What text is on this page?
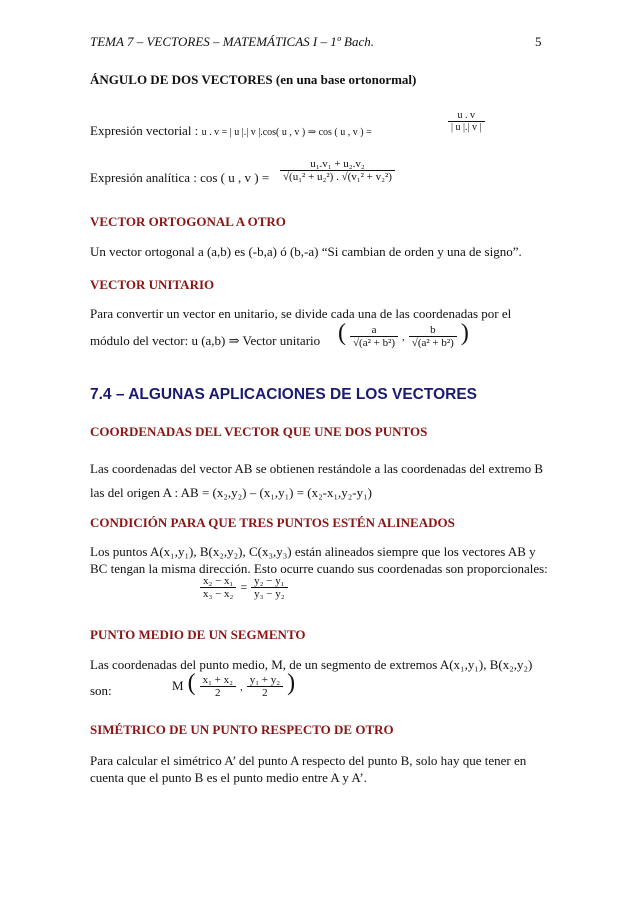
TEMA 7 – VECTORES – MATEMÁTICAS I – 1º Bach.	5
ÁNGULO DE DOS VECTORES (en una base ortonormal)
Expresión vectorial : u . v = | u |.| v |.cos( u , v ) ⇒ cos ( u , v ) =	$\frac{u . v}{| u |.| v |}$
Expresión analítica : cos ( u , v ) = $\frac{\text{u₁.v₁ + u₂.v₂}}{\text{√(u₁² + u₂²) . √(v₁² + v₂²)}}$
VECTOR ORTOGONAL A OTRO
Un vector ortogonal a (a,b) es (-b,a) ó (b,-a) “Si cambian de orden y una de signo”.
VECTOR UNITARIO
Para convertir un vector en unitario, se divide cada una de las coordenadas por el
módulo del vector: u (a,b) ⇒ Vector unitario ( $\frac{a}{\text{√(a² + b²)}}$ , $\frac{b}{\text{√(a² + b²)}}$ )
7.4 – ALGUNAS APLICACIONES DE LOS VECTORES
COORDENADAS DEL VECTOR QUE UNE DOS PUNTOS
Las coordenadas del vector AB se obtienen restándole a las coordenadas del extremo B
las del origen A : AB = (x₂,y₂) – (x₁,y₁) = (x₂-x₁,y₂-y₁)
CONDICIÓN PARA QUE TRES PUNTOS ESTÉN ALINEADOS
Los puntos A(x₁,y₁), B(x₂,y₂), C(x₃,y₃) están alineados siempre que los vectores AB y
BC tengan la misma dirección. Esto ocurre cuando sus coordenadas son proporcionales:
$\frac{\text{x₂ − x₁}}{\text{x₃ − x₂}} = \frac{\text{y₂ − y₁}}{\text{y₃ − y₂}}$
PUNTO MEDIO DE UN SEGMENTO
Las coordenadas del punto medio, M, de un segmento de extremos A(x₁,y₁), B(x₂,y₂)
son:	M ( $\frac{\text{x₁ + x₂}}{2}$ , $\frac{\text{y₁ + y₂}}{2}$ )
SIMÉTRICO DE UN PUNTO RESPECTO DE OTRO
Para calcular el simétrico A’ del punto A respecto del punto B, solo hay que tener en
cuenta que el punto B es el punto medio entre A y A’.
